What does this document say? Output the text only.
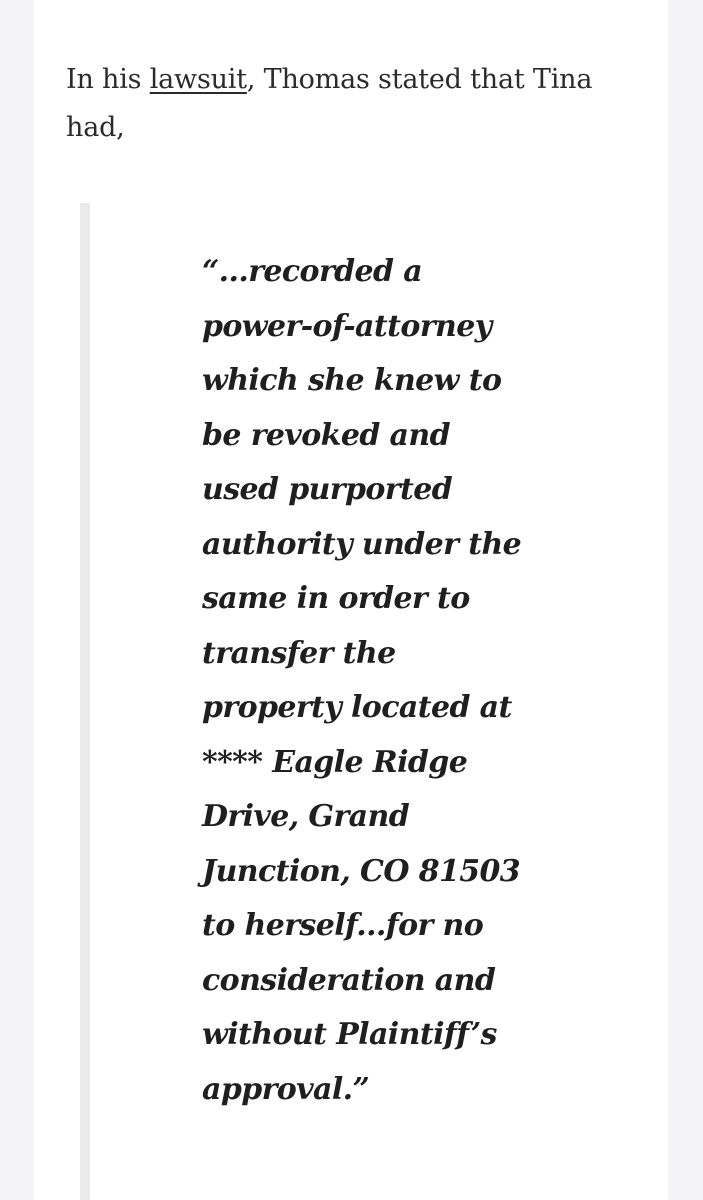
In his lawsuit, Thomas stated that Tina had,

“...recorded a
power-of-attorney
which she knew to
be revoked and
used purported
authority under the
same in order to
transfer the
property located at
**** Eagle Ridge
Drive, Grand
Junction, CO 81503
to herself...for no
consideration and
without Plaintiff’s
approval.”
